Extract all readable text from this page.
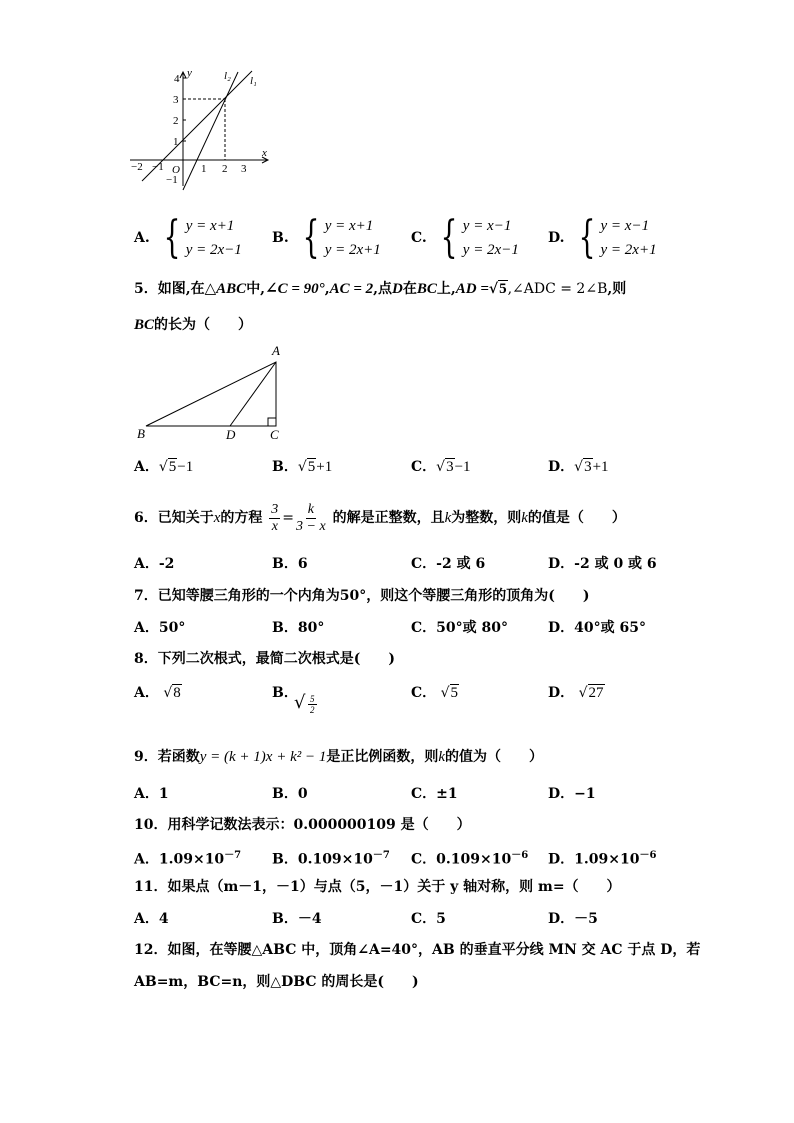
y
x
O
l₂ l₁
−2 −1	1 2 3
4
3
2
1
−1
A. { y = x+1
y = 2x−1
B. { y = x+1
y = 2x+1
C. { y = x−1
y = 2x−1
D. { y = x−1
y = 2x+1
5．如图,在△ABC中,∠C = 90°,AC = 2,点D在BC上,AD =√5,∠ADC = 2∠B,则
BC的长为（　　）
A
B	D	C
A．√5−1	B．√5+1	C．√3−1	D．√3+1
6．已知关于x的方程 $\frac{3}{x} = \frac{k}{3 - x}$ 的解是正整数，且k为整数，则k的值是（　　）
A．-2	B．6	C．-2 或 6	D．-2 或 0 或 6
7．已知等腰三角形的一个内角为50°，则这个等腰三角形的顶角为(　　)
A．50°	B．80°	C．50°或 80°	D．40°或 65°
8．下列二次根式，最简二次根式是(　　)
A． √8	B．
√ $\frac{5}{2}$
C． √5	D． √27
9．若函数y = (k + 1)x + k² − 1是正比例函数，则k的值为（　　）
A．1	B．0	C．±1	D．−1
10．用科学记数法表示：0.000000109 是（　　）
A．$1.09\times 10^{-7}$ B．$0.109\times 10^{-7}$ C．$0.109\times 10^{-6}$ D．$1.09\times 10^{-6}$
11．如果点（m－1，－1）与点（5，－1）关于 y 轴对称，则 m=（　　）
A．4	B．－4	C．5	D．－5
12．如图，在等腰△ABC 中，顶角∠A=40°，AB 的垂直平分线 MN 交 AC 于点 D，若
AB=m，BC=n，则△DBC 的周长是(　　)
